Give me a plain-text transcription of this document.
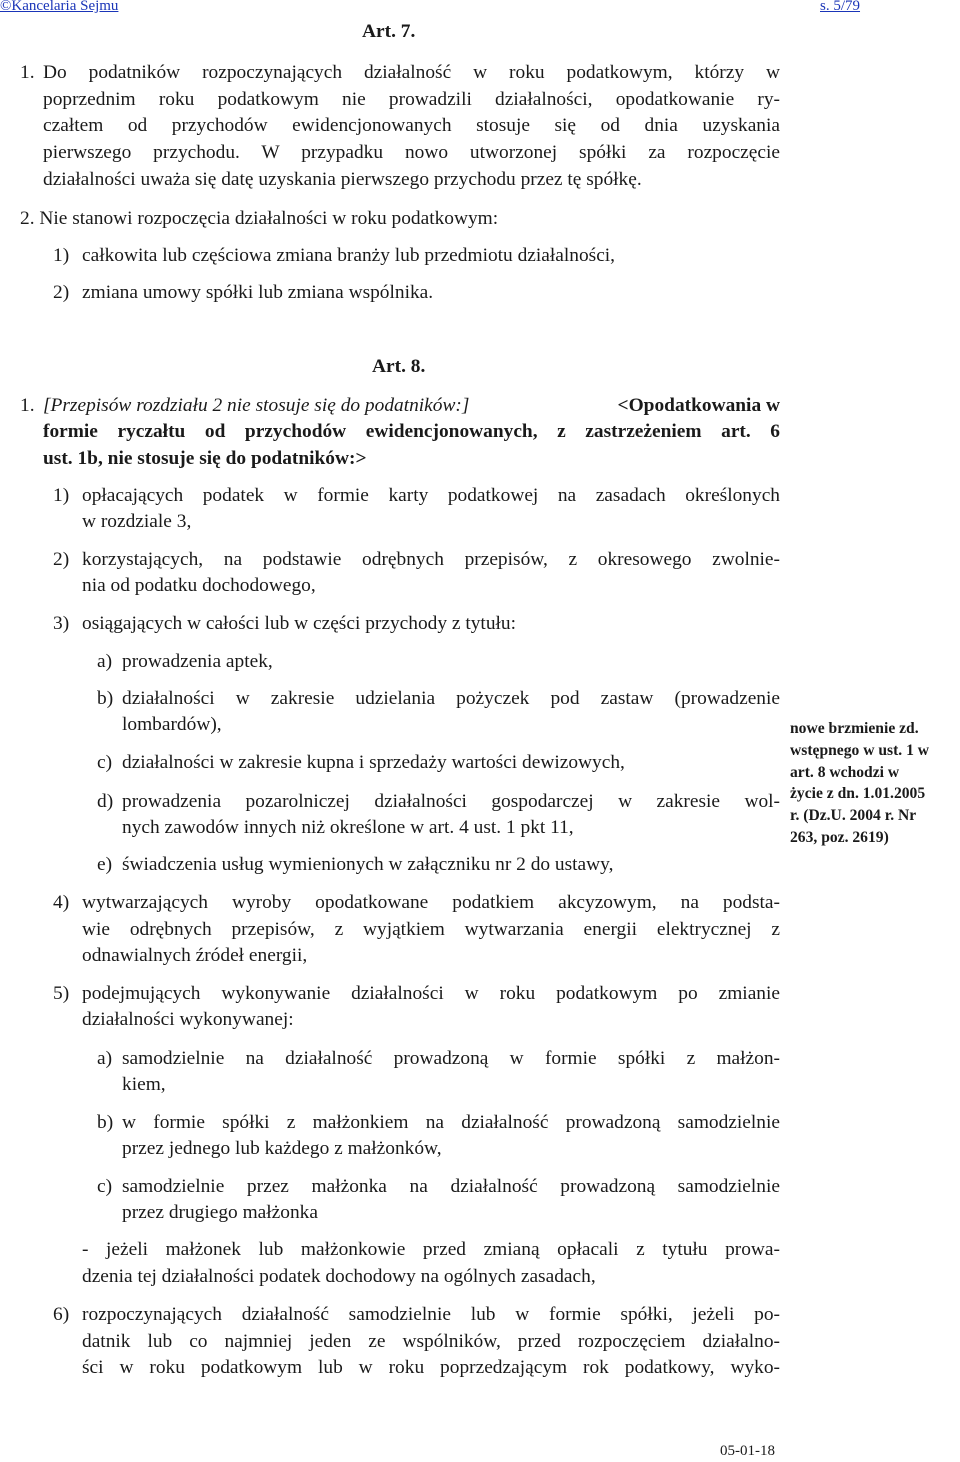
©Kancelaria Sejmu	s. 5/79
Art. 7.
1. Do podatników rozpoczynających działalność w roku podatkowym, którzy w
poprzednim roku podatkowym nie prowadzili działalności, opodatkowanie ry-
czałtem od przychodów ewidencjonowanych stosuje się od dnia uzyskania
pierwszego przychodu. W przypadku nowo utworzonej spółki za rozpoczęcie
działalności uważa się datę uzyskania pierwszego przychodu przez tę spółkę.
2. Nie stanowi rozpoczęcia działalności w roku podatkowym:
1) całkowita lub częściowa zmiana branży lub przedmiotu działalności,
2) zmiana umowy spółki lub zmiana wspólnika.
Art. 8.
1. [Przepisów rozdziału 2 nie stosuje się do podatników:]	<Opodatkowania w
formie ryczałtu od przychodów ewidencjonowanych, z zastrzeżeniem art. 6
ust. 1b, nie stosuje się do podatników:>
1) opłacających podatek w formie karty podatkowej na zasadach określonych
w rozdziale 3,
2) korzystających, na podstawie odrębnych przepisów, z okresowego zwolnie-
nia od podatku dochodowego,
3) osiągających w całości lub w części przychody z tytułu:
a) prowadzenia aptek,
b) działalności w zakresie udzielania pożyczek pod zastaw (prowadzenie
lombardów),
c) działalności w zakresie kupna i sprzedaży wartości dewizowych,
d) prowadzenia pozarolniczej działalności gospodarczej w zakresie wol-
nych zawodów innych niż określone w art. 4 ust. 1 pkt 11,
e) świadczenia usług wymienionych w załączniku nr 2 do ustawy,
4) wytwarzających wyroby opodatkowane podatkiem akcyzowym, na podsta-
wie odrębnych przepisów, z wyjątkiem wytwarzania energii elektrycznej z
odnawialnych źródeł energii,
5) podejmujących wykonywanie działalności w roku podatkowym po zmianie
działalności wykonywanej:
a) samodzielnie na działalność prowadzoną w formie spółki z małżon-
kiem,
b) w formie spółki z małżonkiem na działalność prowadzoną samodzielnie
przez jednego lub każdego z małżonków,
c) samodzielnie przez małżonka na działalność prowadzoną samodzielnie
przez drugiego małżonka
- jeżeli małżonek lub małżonkowie przed zmianą opłacali z tytułu prowa-
dzenia tej działalności podatek dochodowy na ogólnych zasadach,
6) rozpoczynających działalność samodzielnie lub w formie spółki, jeżeli po-
datnik lub co najmniej jeden ze wspólników, przed rozpoczęciem działalno-
ści w roku podatkowym lub w roku poprzedzającym rok podatkowy, wyko-
nowe brzmienie zd.
wstępnego w ust. 1 w
art. 8 wchodzi w
życie z dn. 1.01.2005
r. (Dz.U. 2004 r. Nr
263, poz. 2619)
05-01-18
